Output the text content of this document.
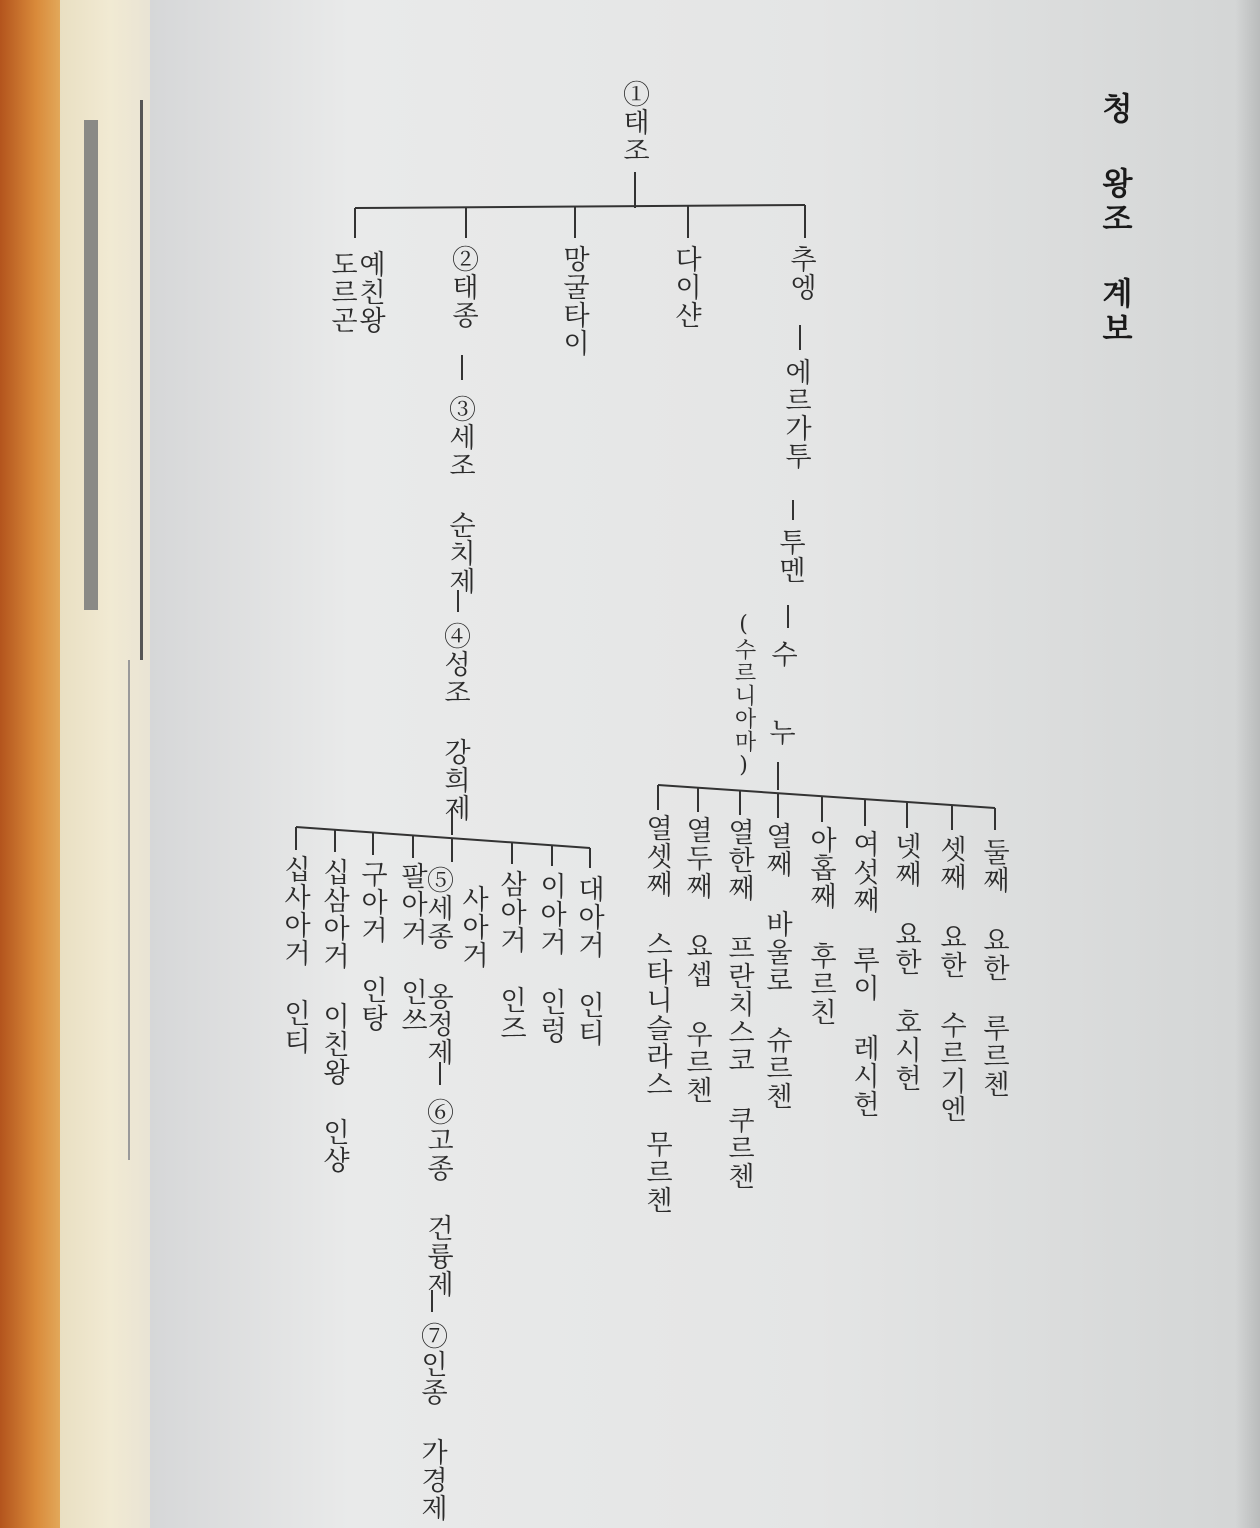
청 왕조 계보
①태조
추엥
에르가투
투멘
수
누
(수르니아마)
다이샨
망굴타이
②태종
③세조 순치제
④성조 강희제
예친왕
도르곤
둘째 요한 루르첸
셋째 요한 수르기엔
넷째 요한 호시헌
여섯째 루이 레시헌
아홉째 후르친
열째 바울로 슈르첸
열한째 프란치스코 쿠르첸
열두째 요셉 우르첸
열셋째 스타니슬라스 무르첸
대아거 인티
이아거 인렁
삼아거 인즈
사아거
⑤세종 옹정제
⑥고종 건륭제
⑦인종 가경제
팔아거 인쓰
구아거 인탕
십삼아거 이친왕 인샹
십사아거 인티
